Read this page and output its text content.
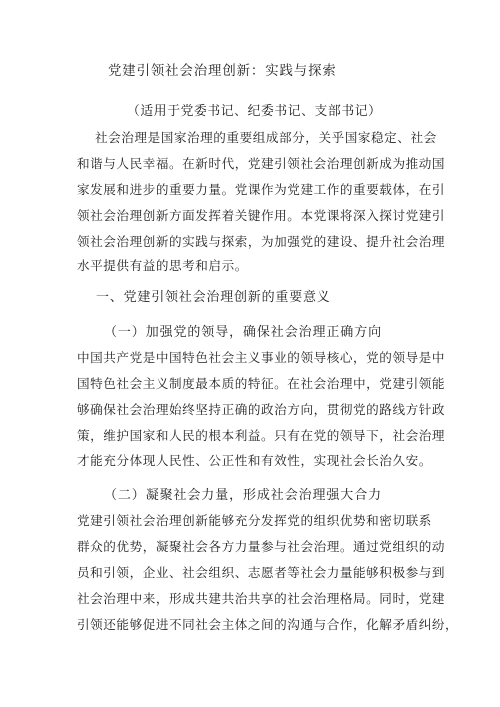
党建引领社会治理创新：实践与探索
（适用于党委书记、纪委书记、支部书记）
社会治理是国家治理的重要组成部分，关乎国家稳定、社会
和谐与人民幸福。在新时代，党建引领社会治理创新成为推动国
家发展和进步的重要力量。党课作为党建工作的重要载体，在引
领社会治理创新方面发挥着关键作用。本党课将深入探讨党建引
领社会治理创新的实践与探索，为加强党的建设、提升社会治理
水平提供有益的思考和启示。
一、党建引领社会治理创新的重要意义
（一）加强党的领导，确保社会治理正确方向
中国共产党是中国特色社会主义事业的领导核心，党的领导是中
国特色社会主义制度最本质的特征。在社会治理中，党建引领能
够确保社会治理始终坚持正确的政治方向，贯彻党的路线方针政
策，维护国家和人民的根本利益。只有在党的领导下，社会治理
才能充分体现人民性、公正性和有效性，实现社会长治久安。
（二）凝聚社会力量，形成社会治理强大合力
党建引领社会治理创新能够充分发挥党的组织优势和密切联系
群众的优势，凝聚社会各方力量参与社会治理。通过党组织的动
员和引领，企业、社会组织、志愿者等社会力量能够积极参与到
社会治理中来，形成共建共治共享的社会治理格局。同时，党建
引领还能够促进不同社会主体之间的沟通与合作，化解矛盾纠纷，
